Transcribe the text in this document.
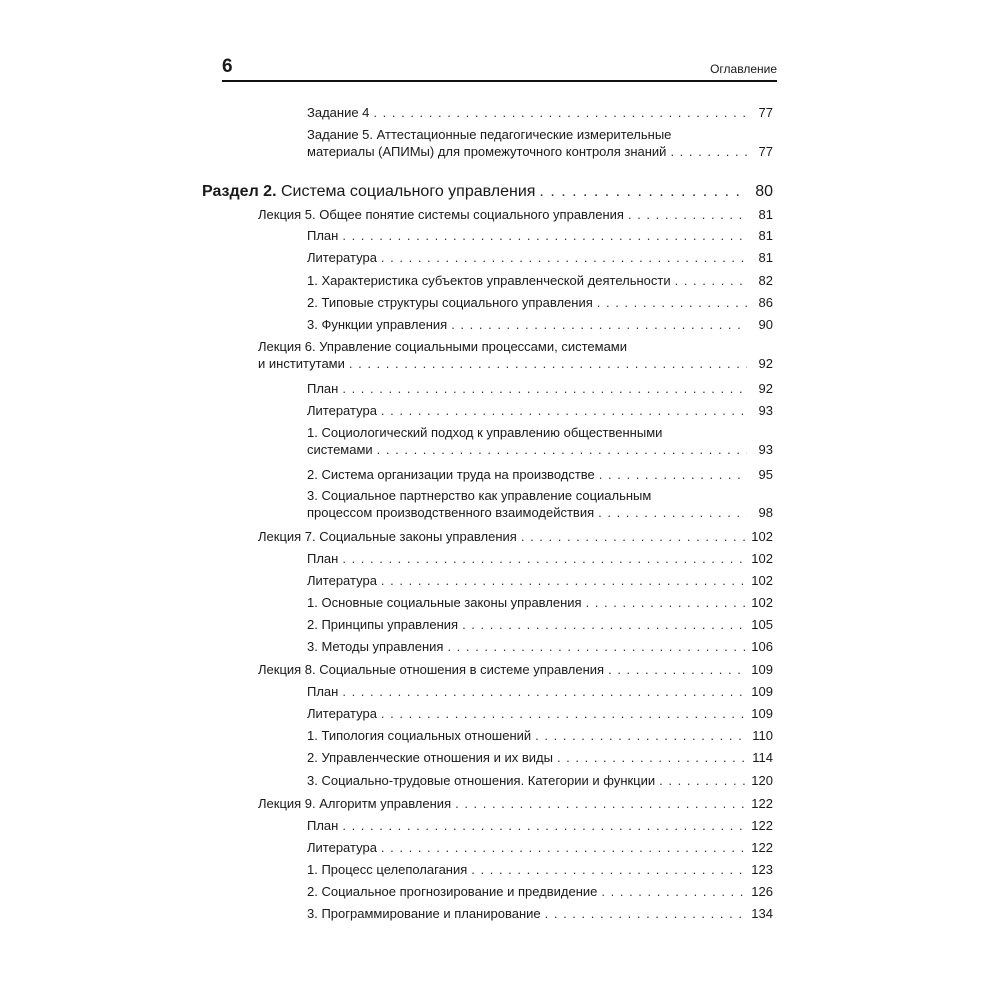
6	Оглавление
Задание 4 . . .	77
Задание 5. Аттестационные педагогические измерительные
материалы (АПИМы) для промежуточного контроля знаний . . .	77
Раздел 2. Система социального управления . . .	80
Лекция 5. Общее понятие системы социального управления . . .	81
План . . .	81
Литература . . .	81
1. Характеристика субъектов управленческой деятельности . . .	82
2. Типовые структуры социального управления . . .	86
3. Функции управления . . .	90
Лекция 6. Управление социальными процессами, системами
и институтами . . .	92
План . . .	92
Литература . . .	93
1. Социологический подход к управлению общественными
системами . . .	93
2. Система организации труда на производстве . . .	95
3. Социальное партнерство как управление социальным
процессом производственного взаимодействия . . .	98
Лекция 7. Социальные законы управления . . .	102
План . . .	102
Литература . . .	102
1. Основные социальные законы управления . . .	102
2. Принципы управления . . .	105
3. Методы управления . . .	106
Лекция 8. Социальные отношения в системе управления . . .	109
План . . .	109
Литература . . .	109
1. Типология социальных отношений . . .	110
2. Управленческие отношения и их виды . . .	114
3. Социально-трудовые отношения. Категории и функции . . .	120
Лекция 9. Алгоритм управления . . .	122
План . . .	122
Литература . . .	122
1. Процесс целеполагания . . .	123
2. Социальное прогнозирование и предвидение . . .	126
3. Программирование и планирование . . .	134
